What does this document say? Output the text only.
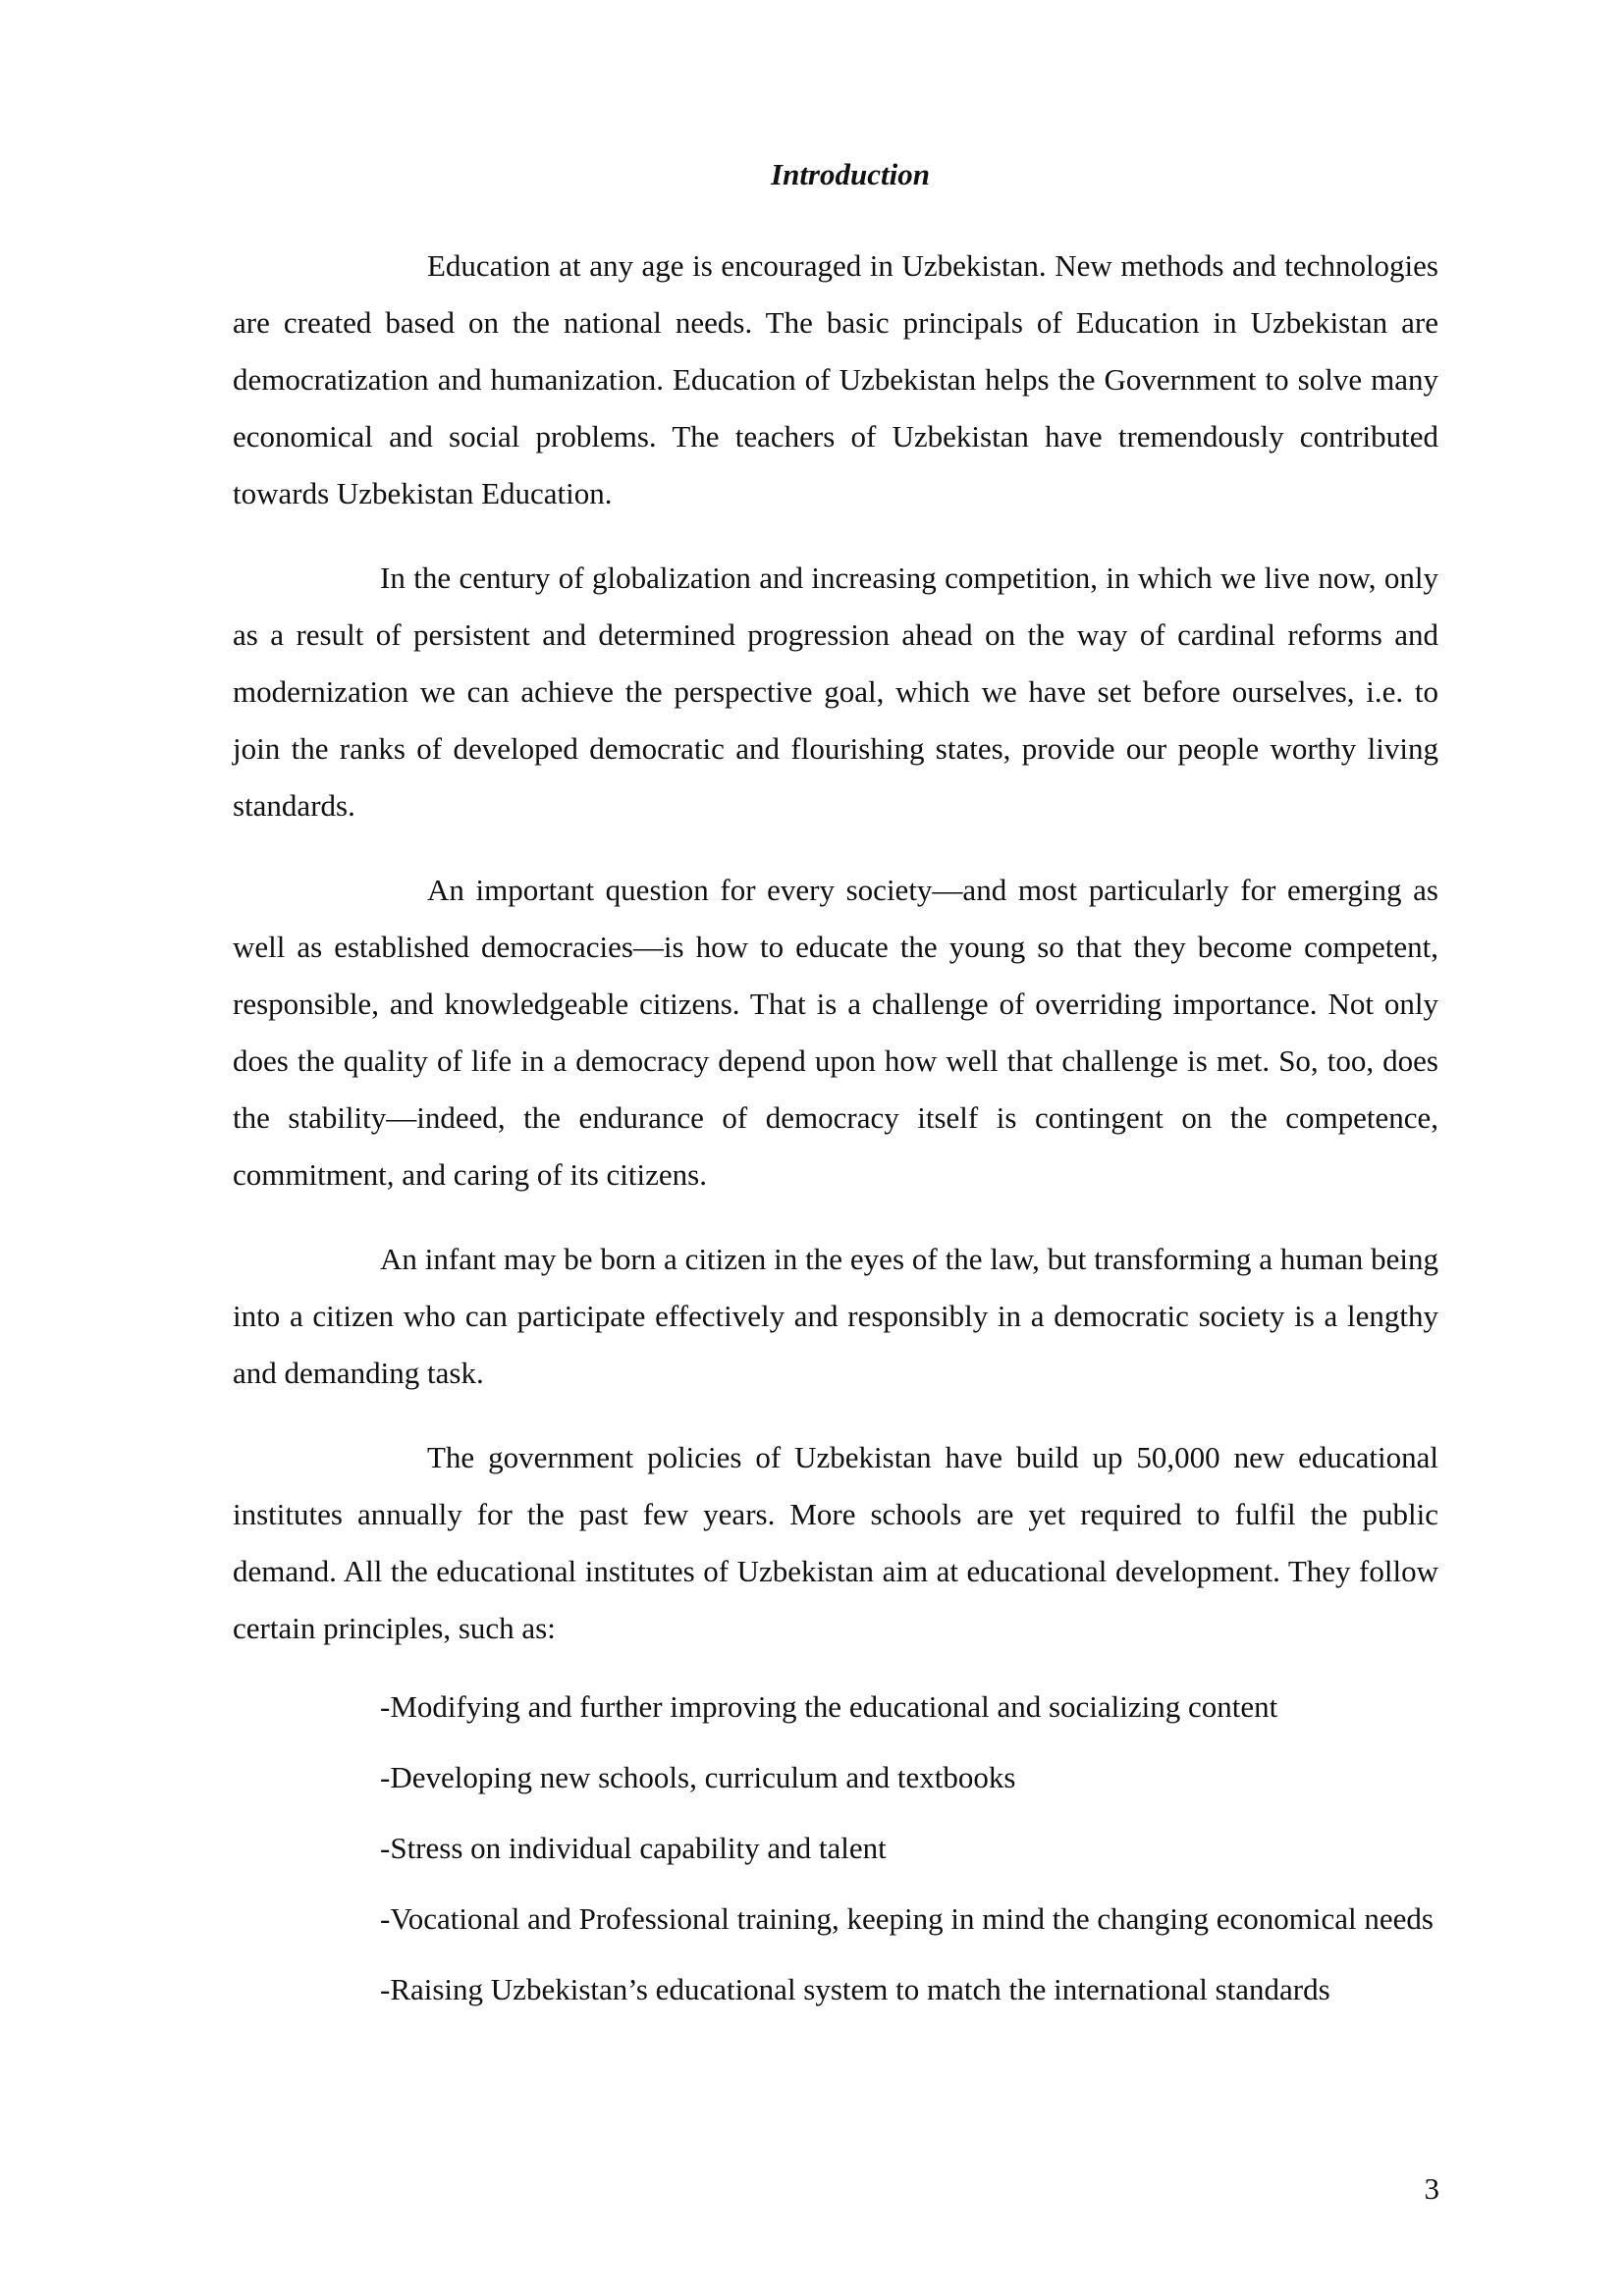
Introduction

Education at any age is encouraged in Uzbekistan. New methods and technologies are created based on the national needs. The basic principals of Education in Uzbekistan are democratization and humanization. Education of Uzbekistan helps the Government to solve many economical and social problems. The teachers of Uzbekistan have tremendously contributed towards Uzbekistan Education.

In the century of globalization and increasing competition, in which we live now, only as a result of persistent and determined progression ahead on the way of cardinal reforms and modernization we can achieve the perspective goal, which we have set before ourselves, i.e. to join the ranks of developed democratic and flourishing states, provide our people worthy living standards.

An important question for every society—and most particularly for emerging as well as established democracies—is how to educate the young so that they become competent, responsible, and knowledgeable citizens. That is a challenge of overriding importance. Not only does the quality of life in a democracy depend upon how well that challenge is met. So, too, does the stability—indeed, the endurance of democracy itself is contingent on the competence, commitment, and caring of its citizens.

An infant may be born a citizen in the eyes of the law, but transforming a human being into a citizen who can participate effectively and responsibly in a democratic society is a lengthy and demanding task.

The government policies of Uzbekistan have build up 50,000 new educational institutes annually for the past few years. More schools are yet required to fulfil the public demand. All the educational institutes of Uzbekistan aim at educational development. They follow certain principles, such as:

-Modifying and further improving the educational and socializing content
-Developing new schools, curriculum and textbooks
-Stress on individual capability and talent
-Vocational and Professional training, keeping in mind the changing economical needs
-Raising Uzbekistan’s educational system to match the international standards
3
